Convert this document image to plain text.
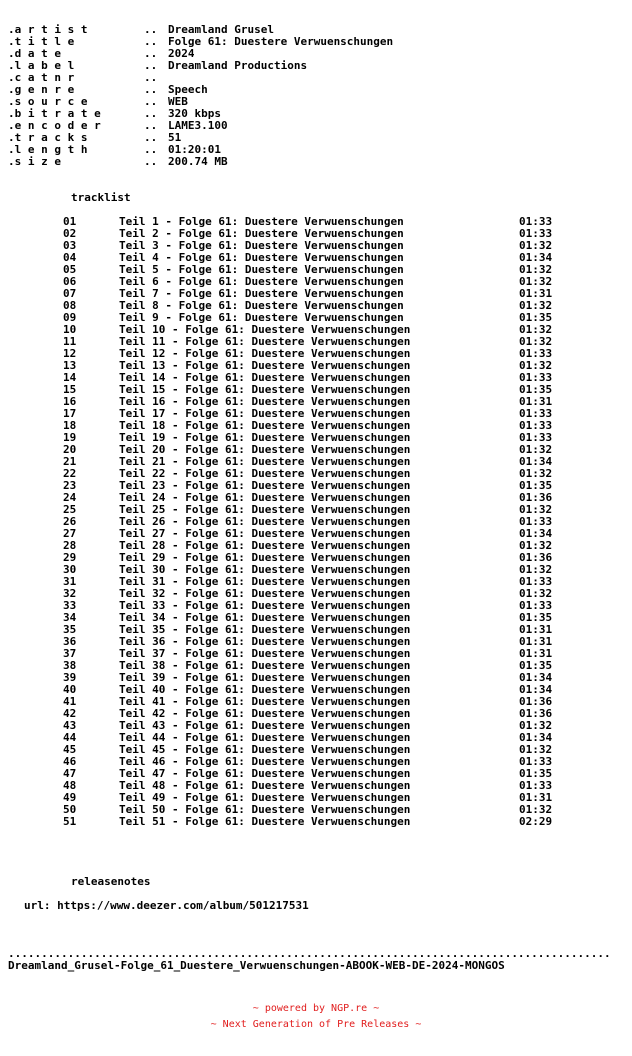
.a r t i s t	.. Dreamland Grusel
.t i t l e	.. Folge 61: Duestere Verwuenschungen
.d a t e	.. 2024
.l a b e l	.. Dreamland Productions
.c a t n r	..
.g e n r e	.. Speech
.s o u r c e	.. WEB
.b i t r a t e	.. 320 kbps
.e n c o d e r	.. LAME3.100
.t r a c k s	.. 51
.l e n g t h	.. 01:20:01
.s i z e	.. 200.74 MB
tracklist
01	Teil 1 - Folge 61: Duestere Verwuenschungen	01:33
02	Teil 2 - Folge 61: Duestere Verwuenschungen	01:33
03	Teil 3 - Folge 61: Duestere Verwuenschungen	01:32
04	Teil 4 - Folge 61: Duestere Verwuenschungen	01:34
05	Teil 5 - Folge 61: Duestere Verwuenschungen	01:32
06	Teil 6 - Folge 61: Duestere Verwuenschungen	01:32
07	Teil 7 - Folge 61: Duestere Verwuenschungen	01:31
08	Teil 8 - Folge 61: Duestere Verwuenschungen	01:32
09	Teil 9 - Folge 61: Duestere Verwuenschungen	01:35
10	Teil 10 - Folge 61: Duestere Verwuenschungen	01:32
11	Teil 11 - Folge 61: Duestere Verwuenschungen	01:32
12	Teil 12 - Folge 61: Duestere Verwuenschungen	01:33
13	Teil 13 - Folge 61: Duestere Verwuenschungen	01:32
14	Teil 14 - Folge 61: Duestere Verwuenschungen	01:33
15	Teil 15 - Folge 61: Duestere Verwuenschungen	01:35
16	Teil 16 - Folge 61: Duestere Verwuenschungen	01:31
17	Teil 17 - Folge 61: Duestere Verwuenschungen	01:33
18	Teil 18 - Folge 61: Duestere Verwuenschungen	01:33
19	Teil 19 - Folge 61: Duestere Verwuenschungen	01:33
20	Teil 20 - Folge 61: Duestere Verwuenschungen	01:32
21	Teil 21 - Folge 61: Duestere Verwuenschungen	01:34
22	Teil 22 - Folge 61: Duestere Verwuenschungen	01:32
23	Teil 23 - Folge 61: Duestere Verwuenschungen	01:35
24	Teil 24 - Folge 61: Duestere Verwuenschungen	01:36
25	Teil 25 - Folge 61: Duestere Verwuenschungen	01:32
26	Teil 26 - Folge 61: Duestere Verwuenschungen	01:33
27	Teil 27 - Folge 61: Duestere Verwuenschungen	01:34
28	Teil 28 - Folge 61: Duestere Verwuenschungen	01:32
29	Teil 29 - Folge 61: Duestere Verwuenschungen	01:36
30	Teil 30 - Folge 61: Duestere Verwuenschungen	01:32
31	Teil 31 - Folge 61: Duestere Verwuenschungen	01:33
32	Teil 32 - Folge 61: Duestere Verwuenschungen	01:32
33	Teil 33 - Folge 61: Duestere Verwuenschungen	01:33
34	Teil 34 - Folge 61: Duestere Verwuenschungen	01:35
35	Teil 35 - Folge 61: Duestere Verwuenschungen	01:31
36	Teil 36 - Folge 61: Duestere Verwuenschungen	01:31
37	Teil 37 - Folge 61: Duestere Verwuenschungen	01:31
38	Teil 38 - Folge 61: Duestere Verwuenschungen	01:35
39	Teil 39 - Folge 61: Duestere Verwuenschungen	01:34
40	Teil 40 - Folge 61: Duestere Verwuenschungen	01:34
41	Teil 41 - Folge 61: Duestere Verwuenschungen	01:36
42	Teil 42 - Folge 61: Duestere Verwuenschungen	01:36
43	Teil 43 - Folge 61: Duestere Verwuenschungen	01:32
44	Teil 44 - Folge 61: Duestere Verwuenschungen	01:34
45	Teil 45 - Folge 61: Duestere Verwuenschungen	01:32
46	Teil 46 - Folge 61: Duestere Verwuenschungen	01:33
47	Teil 47 - Folge 61: Duestere Verwuenschungen	01:35
48	Teil 48 - Folge 61: Duestere Verwuenschungen	01:33
49	Teil 49 - Folge 61: Duestere Verwuenschungen	01:31
50	Teil 50 - Folge 61: Duestere Verwuenschungen	01:32
51	Teil 51 - Folge 61: Duestere Verwuenschungen	02:29
releasenotes
url: https://www.deezer.com/album/501217531
...........................................................................................
Dreamland_Grusel-Folge_61_Duestere_Verwuenschungen-ABOOK-WEB-DE-2024-MONGOS

~ powered by NGP.re ~

~ Next Generation of Pre Releases ~
